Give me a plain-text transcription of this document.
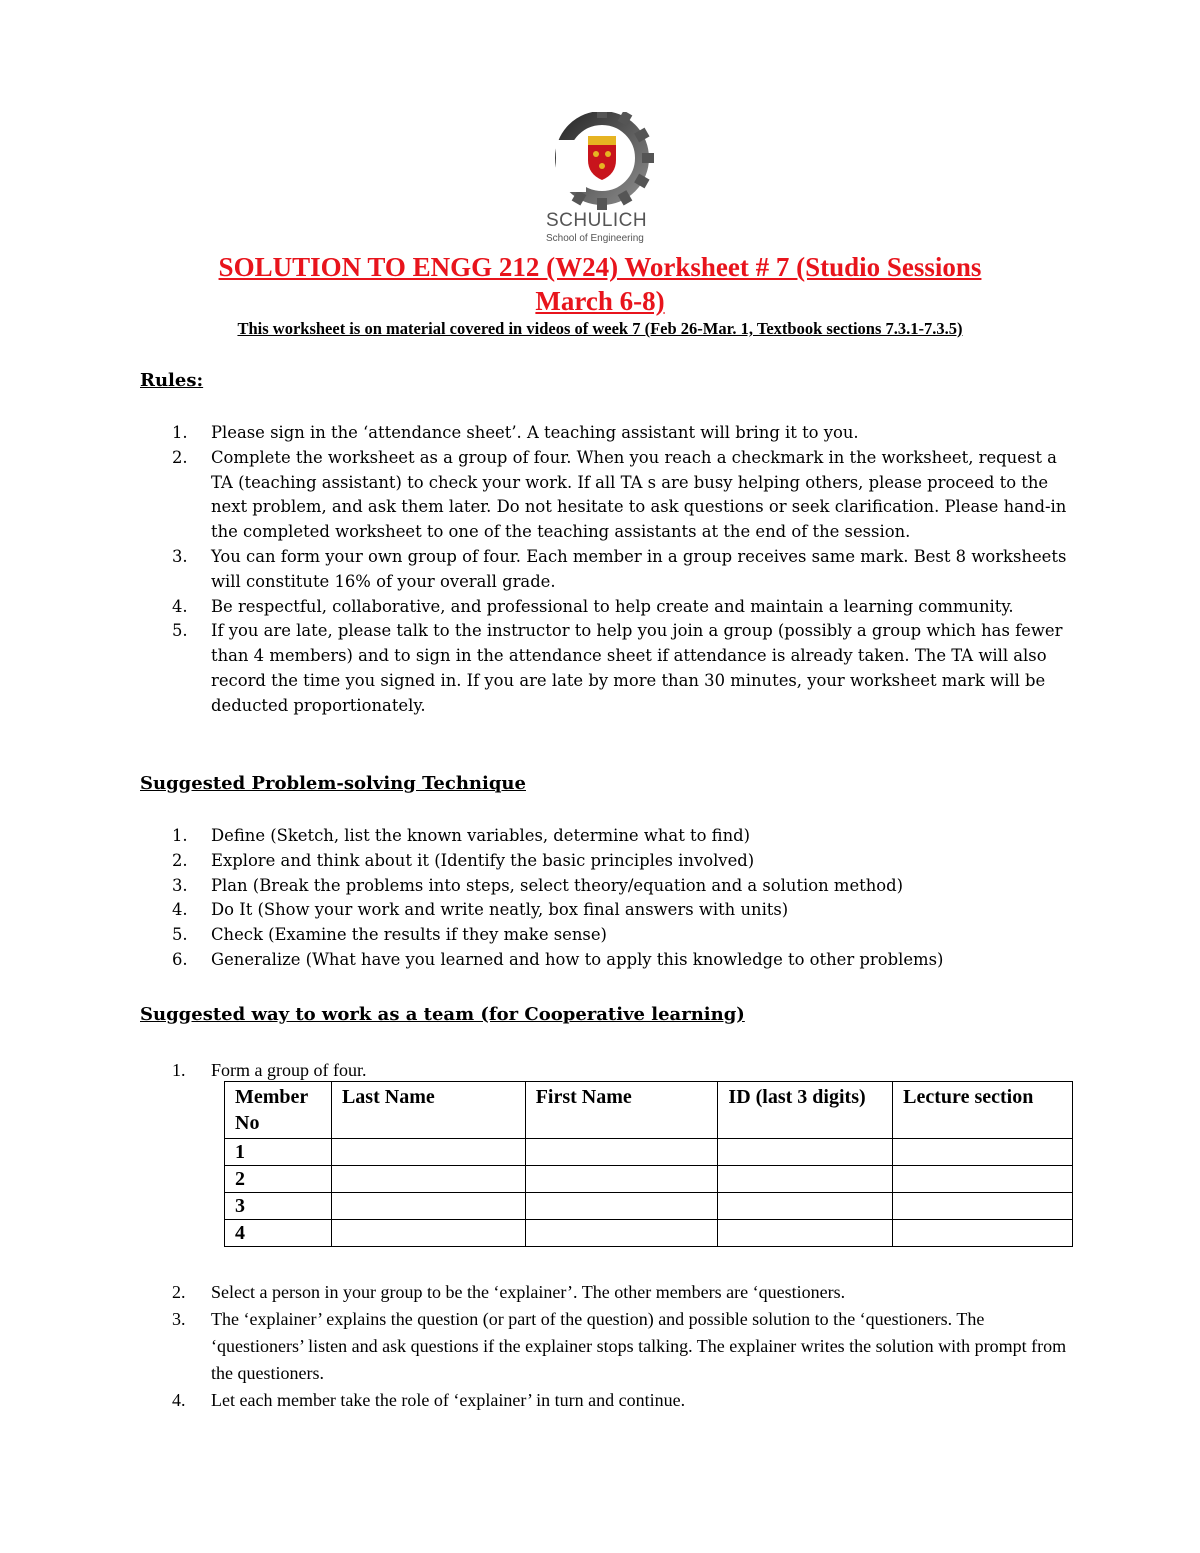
SCHULICH
School of Engineering
SOLUTION TO ENGG 212 (W24) Worksheet # 7 (Studio Sessions
March 6-8)
This worksheet is on material covered in videos of week 7 (Feb 26-Mar. 1, Textbook sections 7.3.1-7.3.5)
Rules:
1. Please sign in the ‘attendance sheet’. A teaching assistant will bring it to you.
2. Complete the worksheet as a group of four. When you reach a checkmark in the worksheet, request a TA (teaching assistant) to check your work. If all TA s are busy helping others, please proceed to the next problem, and ask them later. Do not hesitate to ask questions or seek clarification. Please hand-in the completed worksheet to one of the teaching assistants at the end of the session.
3. You can form your own group of four. Each member in a group receives same mark. Best 8 worksheets will constitute 16% of your overall grade.
4. Be respectful, collaborative, and professional to help create and maintain a learning community.
5. If you are late, please talk to the instructor to help you join a group (possibly a group which has fewer than 4 members) and to sign in the attendance sheet if attendance is already taken. The TA will also record the time you signed in. If you are late by more than 30 minutes, your worksheet mark will be deducted proportionately.
Suggested Problem-solving Technique
1. Define (Sketch, list the known variables, determine what to find)
2. Explore and think about it (Identify the basic principles involved)
3. Plan (Break the problems into steps, select theory/equation and a solution method)
4. Do It (Show your work and write neatly, box final answers with units)
5. Check (Examine the results if they make sense)
6. Generalize (What have you learned and how to apply this knowledge to other problems)
Suggested way to work as a team (for Cooperative learning)
1. Form a group of four.
Member No	Last Name	First Name	ID (last 3 digits)	Lecture section
1				
2				
3				
4				
2. Select a person in your group to be the ‘explainer’. The other members are ‘questioners.
3. The ‘explainer’ explains the question (or part of the question) and possible solution to the ‘questioners. The ‘questioners’ listen and ask questions if the explainer stops talking. The explainer writes the solution with prompt from the questioners.
4. Let each member take the role of ‘explainer’ in turn and continue.
